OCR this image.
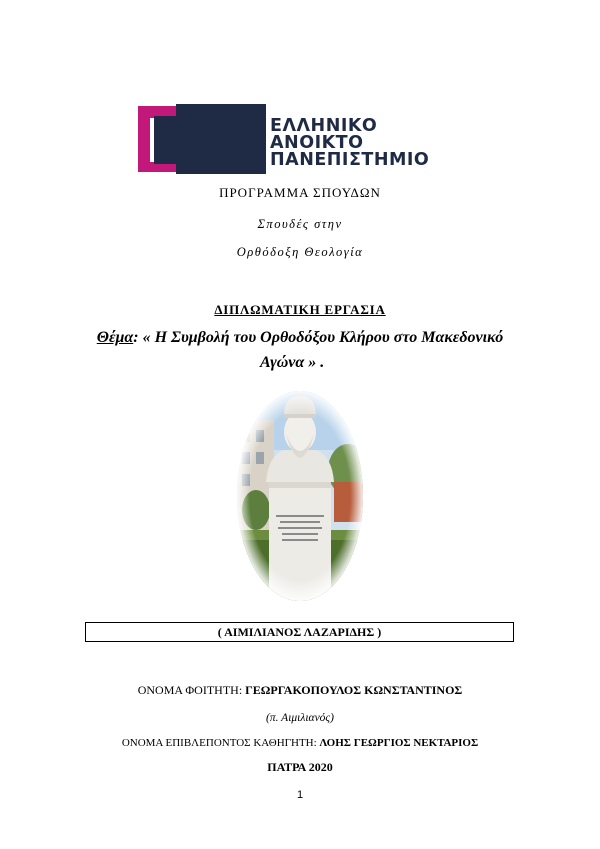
ΕΛΛΗΝΙΚΟ
ΑΝΟΙΚΤΟ
ΠΑΝΕΠΙΣΤΗΜΙΟ
ΠΡΟΓΡΑΜΜΑ ΣΠΟΥΔΩΝ
Σπουδές στην
Ορθόδοξη Θεολογία
ΔΙΠΛΩΜΑΤΙΚΗ ΕΡΓΑΣΙΑ
Θέμα: « Η Συμβολή του Ορθοδόξου Κλήρου στο Μακεδονικό
Αγώνα » .
( ΑΙΜΙΛΙΑΝΟΣ ΛΑΖΑΡΙΔΗΣ )
ΟΝΟΜΑ ΦΟΙΤΗΤΗ: ΓΕΩΡΓΑΚΟΠΟΥΛΟΣ ΚΩΝΣΤΑΝΤΙΝΟΣ
(π. Αιμιλιανός)
ΟΝΟΜΑ ΕΠΙΒΛΕΠΟΝΤΟΣ ΚΑΘΗΓΗΤΗ: ΛΟΗΣ ΓΕΩΡΓΙΟΣ ΝΕΚΤΑΡΙΟΣ
ΠΑΤΡΑ 2020
1
